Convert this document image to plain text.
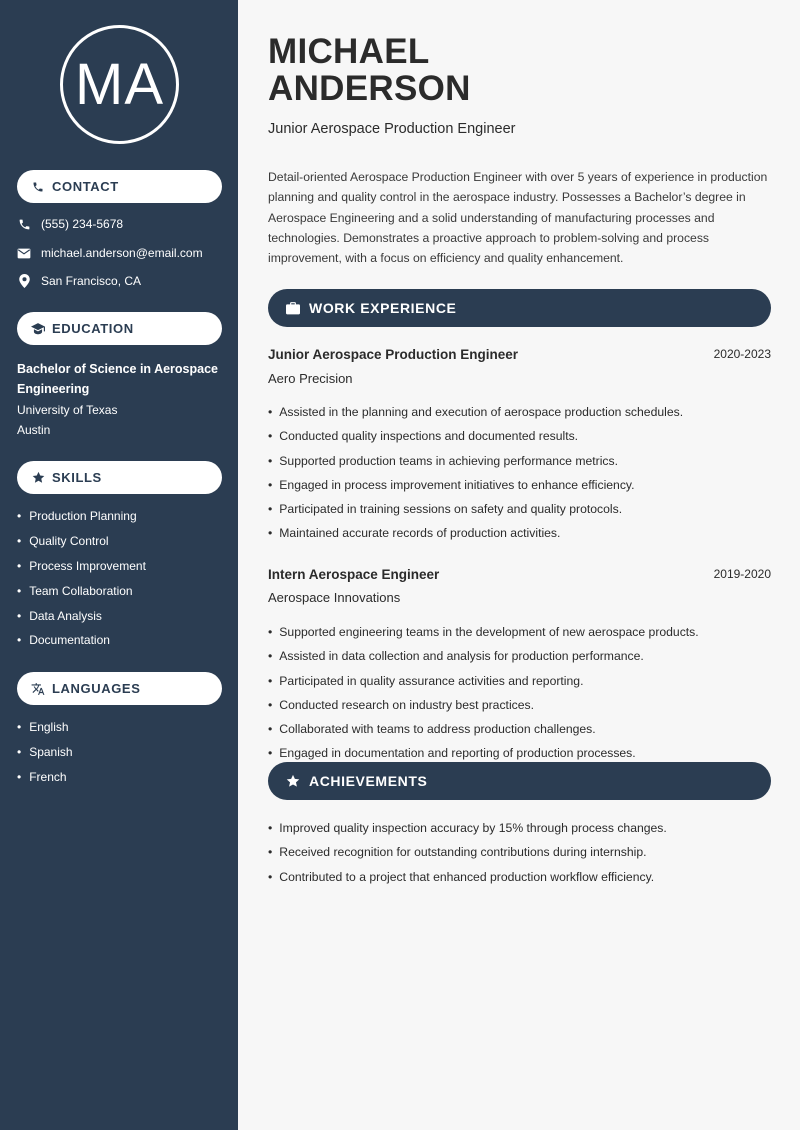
MA
CONTACT
(555) 234-5678
michael.anderson@email.com
San Francisco, CA
EDUCATION
Bachelor of Science in Aerospace Engineering
University of Texas
Austin
SKILLS
• Production Planning
• Quality Control
• Process Improvement
• Team Collaboration
• Data Analysis
• Documentation
LANGUAGES
• English
• Spanish
• French
MICHAEL
ANDERSON
Junior Aerospace Production Engineer
Detail-oriented Aerospace Production Engineer with over 5 years of experience in production planning and quality control in the aerospace industry. Possesses a Bachelor’s degree in Aerospace Engineering and a solid understanding of manufacturing processes and technologies. Demonstrates a proactive approach to problem-solving and process improvement, with a focus on efficiency and quality enhancement.
WORK EXPERIENCE
Junior Aerospace Production Engineer	2020-2023
Aero Precision
• Assisted in the planning and execution of aerospace production schedules.
• Conducted quality inspections and documented results.
• Supported production teams in achieving performance metrics.
• Engaged in process improvement initiatives to enhance efficiency.
• Participated in training sessions on safety and quality protocols.
• Maintained accurate records of production activities.
Intern Aerospace Engineer	2019-2020
Aerospace Innovations
• Supported engineering teams in the development of new aerospace products.
• Assisted in data collection and analysis for production performance.
• Participated in quality assurance activities and reporting.
• Conducted research on industry best practices.
• Collaborated with teams to address production challenges.
• Engaged in documentation and reporting of production processes.
ACHIEVEMENTS
• Improved quality inspection accuracy by 15% through process changes.
• Received recognition for outstanding contributions during internship.
• Contributed to a project that enhanced production workflow efficiency.
